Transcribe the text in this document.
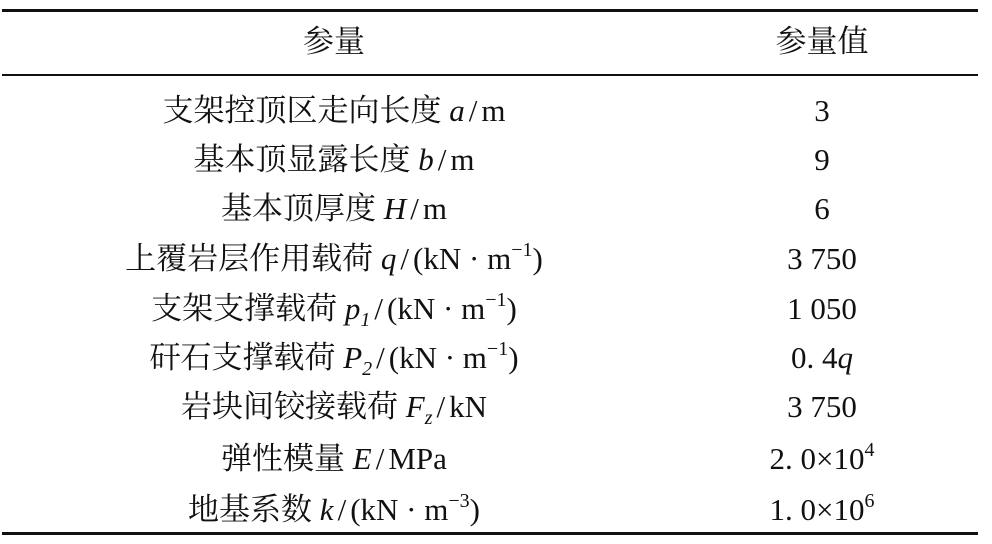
参量	参量值
支架控顶区走向长度 a / m	3
基本顶显露长度 b / m	9
基本顶厚度 H / m	6
上覆岩层作用载荷 $q / (kN \cdot m^{-1})$	3 750
支架支撑载荷 $p_1 / (kN \cdot m^{-1})$	1 050
矸石支撑载荷 $P_2 / (kN \cdot m^{-1})$	0. 4q
岩块间铰接载荷 $F_z$ / kN	3 750
弹性模量 E / MPa	2. $0\times 10^4$
地基系数 $k / (kN \cdot m^{-3})$	1. $0\times 10^6$
